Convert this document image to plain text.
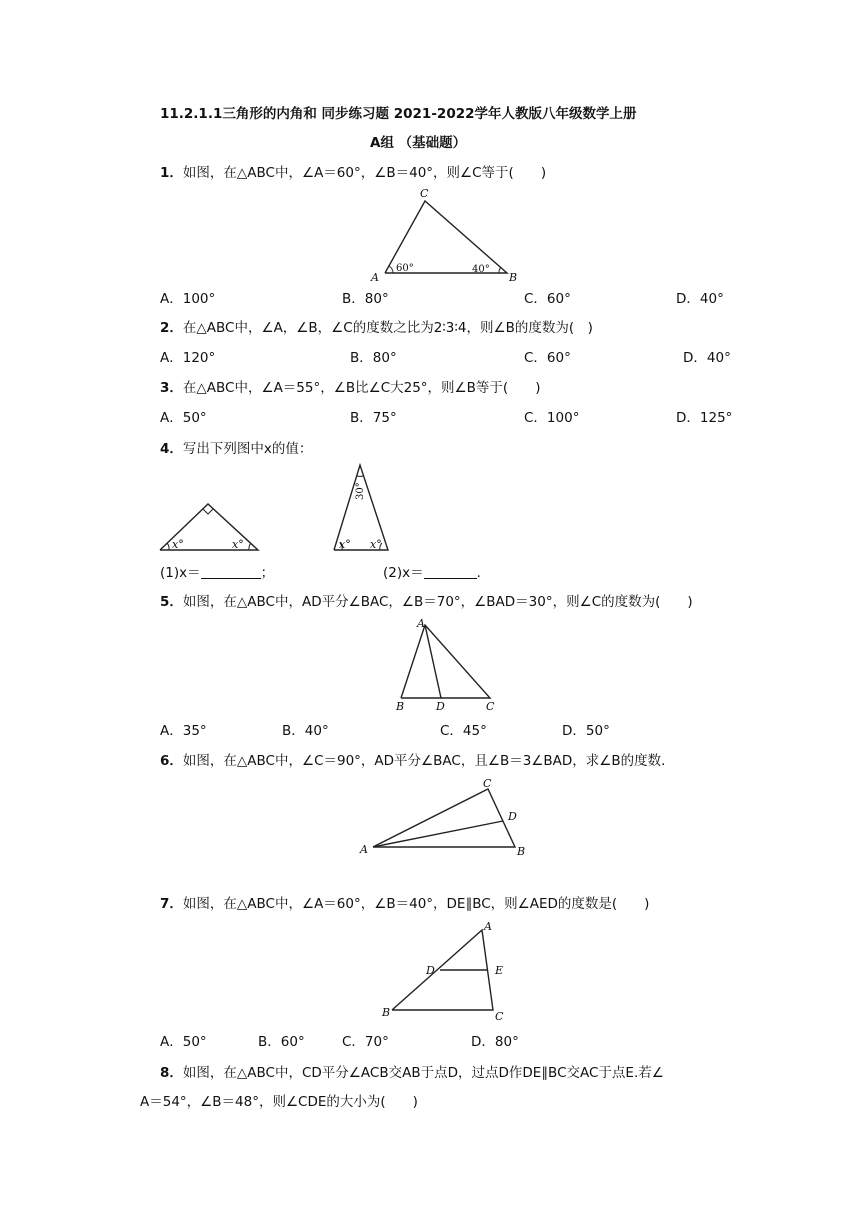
11.2.1.1三角形的内角和 同步练习题 2021-2022学年人教版八年级数学上册
A组 （基础题）
1．如图，在△ABC中，∠A＝60°，∠B＝40°，则∠C等于(　　)
C
A	B
60°	40°
A．100°	B．80°	C．60°	D．40°
2．在△ABC中，∠A，∠B，∠C的度数之比为2∶3∶4，则∠B的度数为(　)
A．120°	B．80°	C．60°	D．40°
3．在△ABC中，∠A＝55°，∠B比∠C大25°，则∠B等于(　　)
A．50°	B．75°	C．100°	D．125°
4．写出下列图中x的值：
x°	x°
30°
x° x°
(1)x＝	；	(2)x＝	.
5．如图，在△ABC中，AD平分∠BAC，∠B＝70°，∠BAD＝30°，则∠C的度数为(　　)
A
B	D	C
A．35°	B．40°	C．45°	D．50°
6．如图，在△ABC中，∠C＝90°，AD平分∠BAC，且∠B＝3∠BAD，求∠B的度数.
C
D
A	B
7．如图，在△ABC中，∠A＝60°，∠B＝40°，DE∥BC，则∠AED的度数是(　　)
A
D	E
B	C
A．50°	B．60°	C．70°	D．80°
8．如图，在△ABC中，CD平分∠ACB交AB于点D，过点D作DE∥BC交AC于点E.若∠
A＝54°，∠B＝48°，则∠CDE的大小为(　　)
